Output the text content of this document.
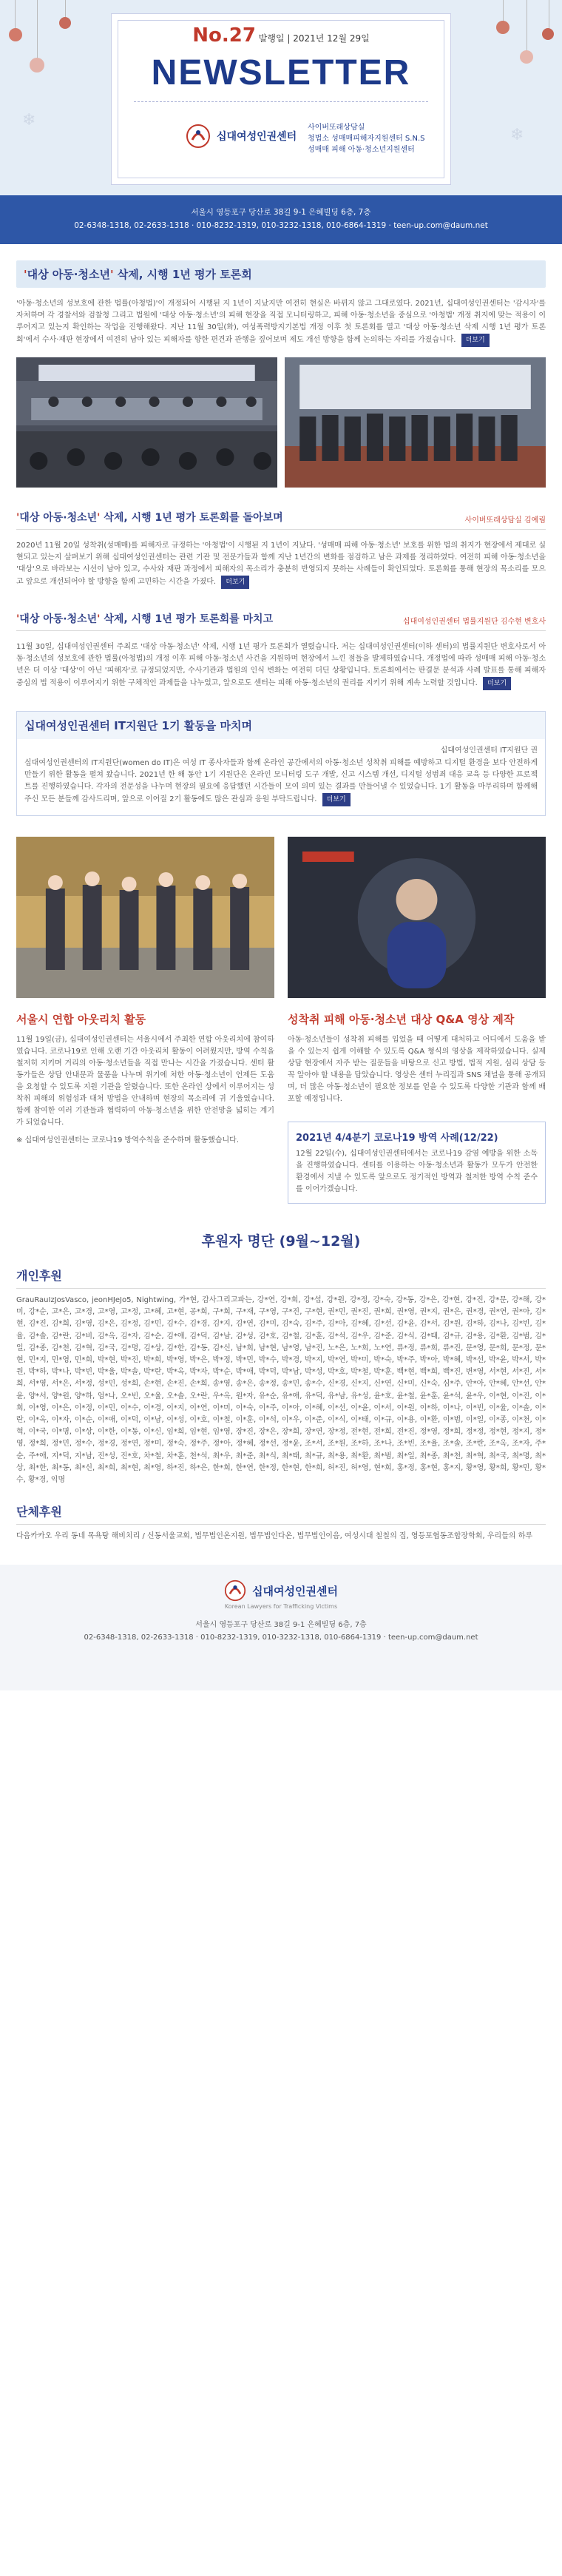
❄
❄
No.27 발행일 | 2021년 12월 29일
NEWSLETTER
십대여성인권센터
사이버또래상담실
청법소 성매매피해자지원센터 S.N.S
성매매 피해 아동·청소년지원센터
서울시 영등포구 당산로 38길 9-1 은혜빌딩 6층, 7층
02-6348-1318, 02-2633-1318 · 010-8232-1319, 010-3232-1318, 010-6864-1319 · teen-up.com@daum.net
'대상 아동·청소년' 삭제, 시행 1년 평가 토론회
'아동·청소년의 성보호에 관한 법률(아청법)'이 개정되어 시행된 지 1년이 지났지만 여전히 현실은 바뀌지 않고 그대로였다. 2021년, 십대여성인권센터는 '감시자'를 자처하며 각 경찰서와 검찰청 그리고 법원에 '대상 아동·청소년'의 피해 현장을 직접 모니터링하고, 피해 아동·청소년을 중심으로 '아청법' 개정 취지에 맞는 적용이 이루어지고 있는지 확인하는 작업을 진행해왔다. 지난 11월 30일(화), 여성폭력방지기본법 개정 이후 첫 토론회를 열고 '대상 아동·청소년 삭제 시행 1년 평가 토론회'에서 수사·재판 현장에서 여전히 남아 있는 피해자를 향한 편견과 관행을 짚어보며 제도 개선 방향을 함께 논의하는 자리를 가졌습니다. 더보기
'대상 아동·청소년' 삭제, 시행 1년 평가 토론회를 돌아보며	사이버또래상담실 김예림
2020년 11월 20일 성착취(성매매)를 피해자로 규정하는 '아청법'이 시행된 지 1년이 지났다. '성매매 피해 아동·청소년' 보호를 위한 법의 취지가 현장에서 제대로 실현되고 있는지 살펴보기 위해 십대여성인권센터는 관련 기관 및 전문가들과 함께 지난 1년간의 변화를 점검하고 남은 과제를 정리하였다. 여전히 피해 아동·청소년을 '대상'으로 바라보는 시선이 남아 있고, 수사와 재판 과정에서 피해자의 목소리가 충분히 반영되지 못하는 사례들이 확인되었다. 토론회를 통해 현장의 목소리를 모으고 앞으로 개선되어야 할 방향을 함께 고민하는 시간을 가졌다. 더보기
'대상 아동·청소년' 삭제, 시행 1년 평가 토론회를 마치고	십대여성인권센터 법률지원단 김수현 변호사
11월 30일, 십대여성인권센터 주최로 '대상 아동·청소년' 삭제, 시행 1년 평가 토론회가 열렸습니다. 저는 십대여성인권센터(이하 센터)의 법률지원단 변호사로서 아동·청소년의 성보호에 관한 법률(아청법)의 개정 이후 피해 아동·청소년 사건을 지원하며 현장에서 느낀 점들을 발제하였습니다. 개정법에 따라 성매매 피해 아동·청소년은 더 이상 '대상'이 아닌 '피해자'로 규정되었지만, 수사기관과 법원의 인식 변화는 여전히 더딘 상황입니다. 토론회에서는 판결문 분석과 사례 발표를 통해 피해자 중심의 법 적용이 이루어지기 위한 구체적인 과제들을 나누었고, 앞으로도 센터는 피해 아동·청소년의 권리를 지키기 위해 계속 노력할 것입니다. 더보기
십대여성인권센터 IT지원단 1기 활동을 마치며
십대여성인권센터 IT지원단 권
십대여성인권센터의 IT지원단(women do IT)은 여성 IT 종사자들과 함께 온라인 공간에서의 아동·청소년 성착취 피해를 예방하고 디지털 환경을 보다 안전하게 만들기 위한 활동을 펼쳐 왔습니다. 2021년 한 해 동안 1기 지원단은 온라인 모니터링 도구 개발, 신고 시스템 개선, 디지털 성범죄 대응 교육 등 다양한 프로젝트를 진행하였습니다. 각자의 전문성을 나누며 현장의 필요에 응답했던 시간들이 모여 의미 있는 결과를 만들어낼 수 있었습니다. 1기 활동을 마무리하며 함께해 주신 모든 분들께 감사드리며, 앞으로 이어질 2기 활동에도 많은 관심과 응원 부탁드립니다. 더보기
서울시 연합 아웃리치 활동
11월 19일(금), 십대여성인권센터는 서울시에서 주최한 연합 아웃리치에 참여하였습니다. 코로나19로 인해 오랜 기간 아웃리치 활동이 어려웠지만, 방역 수칙을 철저히 지키며 거리의 아동·청소년들을 직접 만나는 시간을 가졌습니다. 센터 활동가들은 상담 안내문과 물품을 나누며 위기에 처한 아동·청소년이 언제든 도움을 요청할 수 있도록 지원 기관을 알렸습니다. 또한 온라인 상에서 이루어지는 성착취 피해의 위험성과 대처 방법을 안내하며 현장의 목소리에 귀 기울였습니다. 함께 참여한 여러 기관들과 협력하여 아동·청소년을 위한 안전망을 넓히는 계기가 되었습니다.
※ 십대여성인권센터는 코로나19 방역수칙을 준수하며 활동했습니다.
성착취 피해 아동·청소년 대상 Q&A 영상 제작
아동·청소년들이 성착취 피해를 입었을 때 어떻게 대처하고 어디에서 도움을 받을 수 있는지 쉽게 이해할 수 있도록 Q&A 형식의 영상을 제작하였습니다. 실제 상담 현장에서 자주 받는 질문들을 바탕으로 신고 방법, 법적 지원, 심리 상담 등 꼭 알아야 할 내용을 담았습니다. 영상은 센터 누리집과 SNS 채널을 통해 공개되며, 더 많은 아동·청소년이 필요한 정보를 얻을 수 있도록 다양한 기관과 함께 배포할 예정입니다.
2021년 4/4분기 코로나19 방역 사례(12/22)
12월 22일(수), 십대여성인권센터에서는 코로나19 감염 예방을 위한 소독을 진행하였습니다. 센터를 이용하는 아동·청소년과 활동가 모두가 안전한 환경에서 지낼 수 있도록 앞으로도 정기적인 방역과 철저한 방역 수칙 준수를 이어가겠습니다.
후원자 명단 (9월~12월)
개인후원
GrauRauIzJosVasco, jeonHJeJo5, Nightwing, 가*현, 감사그리고파는, 강*연, 강*희, 강*섭, 강*원, 강*정, 강*숙, 강*동, 강*은, 강*현, 강*진, 강*문, 강*해, 강*미, 강*순, 고*은, 고*경, 고*영, 고*정, 고*혜, 고*현, 공*희, 구*희, 구*재, 구*영, 구*진, 구*현, 권*민, 권*진, 권*희, 권*영, 권*지, 권*은, 권*경, 권*연, 권*아, 김*현, 김*진, 김*희, 김*영, 김*은, 김*정, 김*민, 김*수, 김*경, 김*지, 김*연, 김*미, 김*숙, 김*주, 김*아, 김*혜, 김*선, 김*윤, 김*서, 김*원, 김*하, 김*나, 김*빈, 김*율, 김*솔, 김*란, 김*비, 김*옥, 김*자, 김*순, 김*애, 김*덕, 김*남, 김*성, 김*호, 김*철, 김*훈, 김*석, 김*우, 김*준, 김*식, 김*태, 김*규, 김*용, 김*환, 김*범, 김*일, 김*종, 김*천, 김*혁, 김*국, 김*명, 김*상, 김*한, 김*동, 김*신, 남*희, 남*현, 남*영, 남*진, 노*은, 노*희, 노*연, 류*정, 류*희, 류*진, 문*영, 문*희, 문*정, 문*현, 민*지, 민*영, 민*희, 박*현, 박*진, 박*희, 박*영, 박*은, 박*정, 박*민, 박*수, 박*경, 박*지, 박*연, 박*미, 박*숙, 박*주, 박*아, 박*혜, 박*선, 박*윤, 박*서, 박*원, 박*하, 박*나, 박*빈, 박*율, 박*솔, 박*란, 박*옥, 박*자, 박*순, 박*애, 박*덕, 박*남, 박*성, 박*호, 박*철, 박*훈, 백*현, 백*희, 백*진, 변*영, 서*현, 서*진, 서*희, 서*영, 서*은, 서*정, 성*민, 성*희, 손*현, 손*진, 손*희, 송*영, 송*은, 송*정, 송*민, 송*수, 신*경, 신*지, 신*연, 신*미, 신*숙, 심*주, 안*아, 안*혜, 안*선, 안*윤, 양*서, 양*원, 양*하, 엄*나, 오*빈, 오*율, 오*솔, 오*란, 우*옥, 원*자, 유*순, 유*애, 유*덕, 유*남, 유*성, 윤*호, 윤*철, 윤*훈, 윤*석, 윤*우, 이*현, 이*진, 이*희, 이*영, 이*은, 이*정, 이*민, 이*수, 이*경, 이*지, 이*연, 이*미, 이*숙, 이*주, 이*아, 이*혜, 이*선, 이*윤, 이*서, 이*원, 이*하, 이*나, 이*빈, 이*율, 이*솔, 이*란, 이*옥, 이*자, 이*순, 이*애, 이*덕, 이*남, 이*성, 이*호, 이*철, 이*훈, 이*석, 이*우, 이*준, 이*식, 이*태, 이*규, 이*용, 이*환, 이*범, 이*일, 이*종, 이*천, 이*혁, 이*국, 이*명, 이*상, 이*한, 이*동, 이*신, 임*희, 임*현, 임*영, 장*진, 장*은, 장*희, 장*연, 장*정, 전*현, 전*희, 전*진, 정*영, 정*희, 정*정, 정*현, 정*지, 정*영, 정*희, 정*민, 정*수, 정*경, 정*연, 정*미, 정*숙, 정*주, 정*아, 정*혜, 정*선, 정*윤, 조*서, 조*원, 조*하, 조*나, 조*빈, 조*율, 조*솔, 조*란, 조*옥, 조*자, 주*순, 주*애, 지*덕, 지*남, 진*성, 진*호, 차*철, 차*훈, 천*석, 최*우, 최*준, 최*식, 최*태, 최*규, 최*용, 최*환, 최*범, 최*일, 최*종, 최*천, 최*혁, 최*국, 최*명, 최*상, 최*한, 최*동, 최*신, 최*희, 최*현, 최*영, 하*진, 하*은, 한*희, 한*연, 한*정, 한*현, 한*희, 허*진, 허*영, 현*희, 홍*정, 홍*현, 홍*지, 황*영, 황*희, 황*민, 황*수, 황*경, 익명
단체후원
다음카카오 우리 동네 목욕탕 해비치리 / 신동서울교회, 법무법인온지원, 법무법인다온, 법무법인이음, 여성시대 칠칠의 집, 영등포협동조합장학회, 우리들의 하루
십대여성인권센터
Korean Lawyers for Trafficking Victims
서울시 영등포구 당산로 38길 9-1 은혜빌딩 6층, 7층
02-6348-1318, 02-2633-1318 · 010-8232-1319, 010-3232-1318, 010-6864-1319 · teen-up.com@daum.net
